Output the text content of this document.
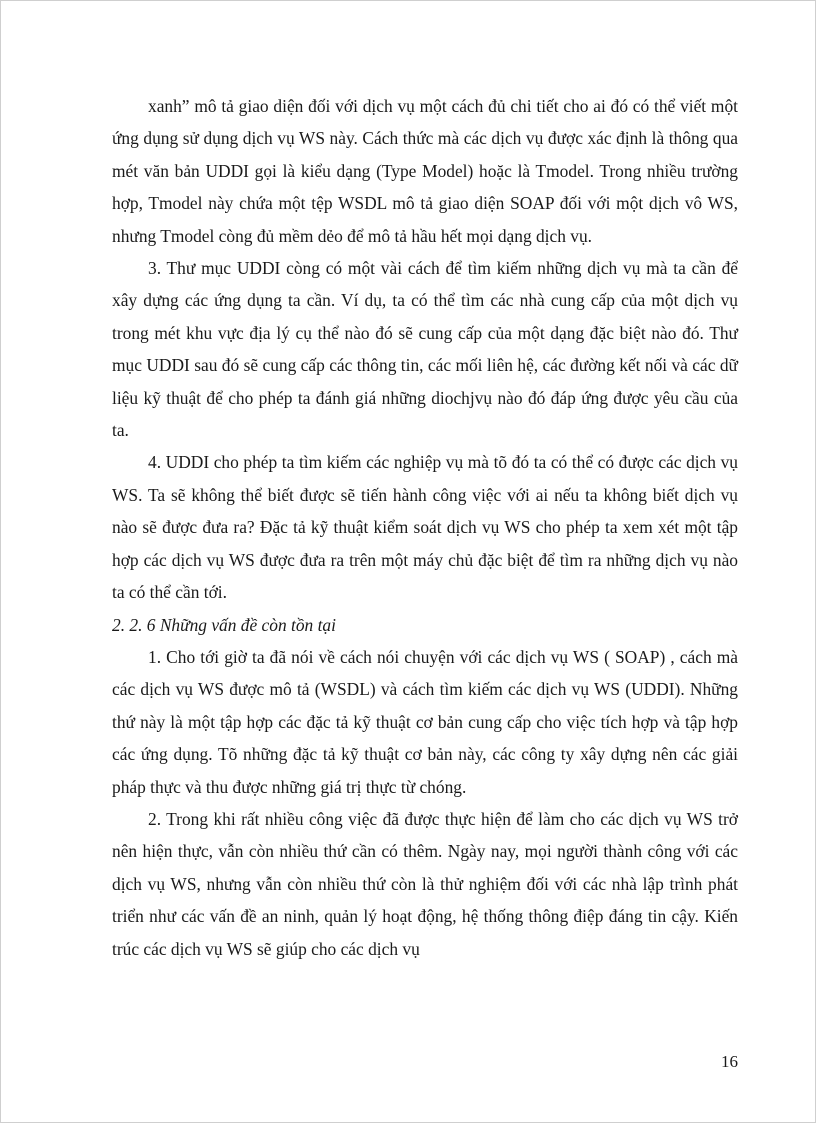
xanh” mô tả giao diện đối với dịch vụ một cách đủ chi tiết cho ai đó có thể viết một ứng dụng sử dụng dịch vụ WS này. Cách thức mà các dịch vụ được xác định là thông qua mét văn bản UDDI gọi là kiểu dạng (Type Model) hoặc là Tmodel. Trong nhiều trường hợp, Tmodel này chứa một tệp WSDL mô tả giao diện SOAP đối với một dịch vô WS, nhưng Tmodel còng đủ mềm dẻo để mô tả hầu hết mọi dạng dịch vụ.

3. Thư mục UDDI còng có một vài cách để tìm kiếm những dịch vụ mà ta cần để xây dựng các ứng dụng ta cần. Ví dụ, ta có thể tìm các nhà cung cấp của một dịch vụ trong mét khu vực địa lý cụ thể nào đó sẽ cung cấp của một dạng đặc biệt nào đó. Thư mục UDDI sau đó sẽ cung cấp các thông tin, các mối liên hệ, các đường kết nối và các dữ liệu kỹ thuật để cho phép ta đánh giá những diochjvụ nào đó đáp ứng được yêu cầu của ta.

4. UDDI cho phép ta tìm kiếm các nghiệp vụ mà tõ đó ta có thể có được các dịch vụ WS. Ta sẽ không thể biết được sẽ tiến hành công việc với ai nếu ta không biết dịch vụ nào sẽ được đưa ra? Đặc tả kỹ thuật kiểm soát dịch vụ WS cho phép ta xem xét một tập hợp các dịch vụ WS được đưa ra trên một máy chủ đặc biệt để tìm ra những dịch vụ nào ta có thể cần tới.

2. 2. 6 Những vấn đề còn tồn tại

1. Cho tới giờ ta đã nói về cách nói chuyện với các dịch vụ WS ( SOAP) , cách mà các dịch vụ WS được mô tả (WSDL) và cách tìm kiếm các dịch vụ WS (UDDI). Những thứ này là một tập hợp các đặc tả kỹ thuật cơ bản cung cấp cho việc tích hợp và tập hợp các ứng dụng. Tõ những đặc tả kỹ thuật cơ bản này, các công ty xây dựng nên các giải pháp thực và thu được những giá trị thực từ chóng.

2. Trong khi rất nhiều công việc đã được thực hiện để làm cho các dịch vụ WS trở nên hiện thực, vẫn còn nhiều thứ cần có thêm. Ngày nay, mọi người thành công với các dịch vụ WS, nhưng vẫn còn nhiều thứ còn là thử nghiệm đối với các nhà lập trình phát triển như các vấn đề an ninh, quản lý hoạt động, hệ thống thông điệp đáng tin cậy. Kiến trúc các dịch vụ WS sẽ giúp cho các dịch vụ

16
